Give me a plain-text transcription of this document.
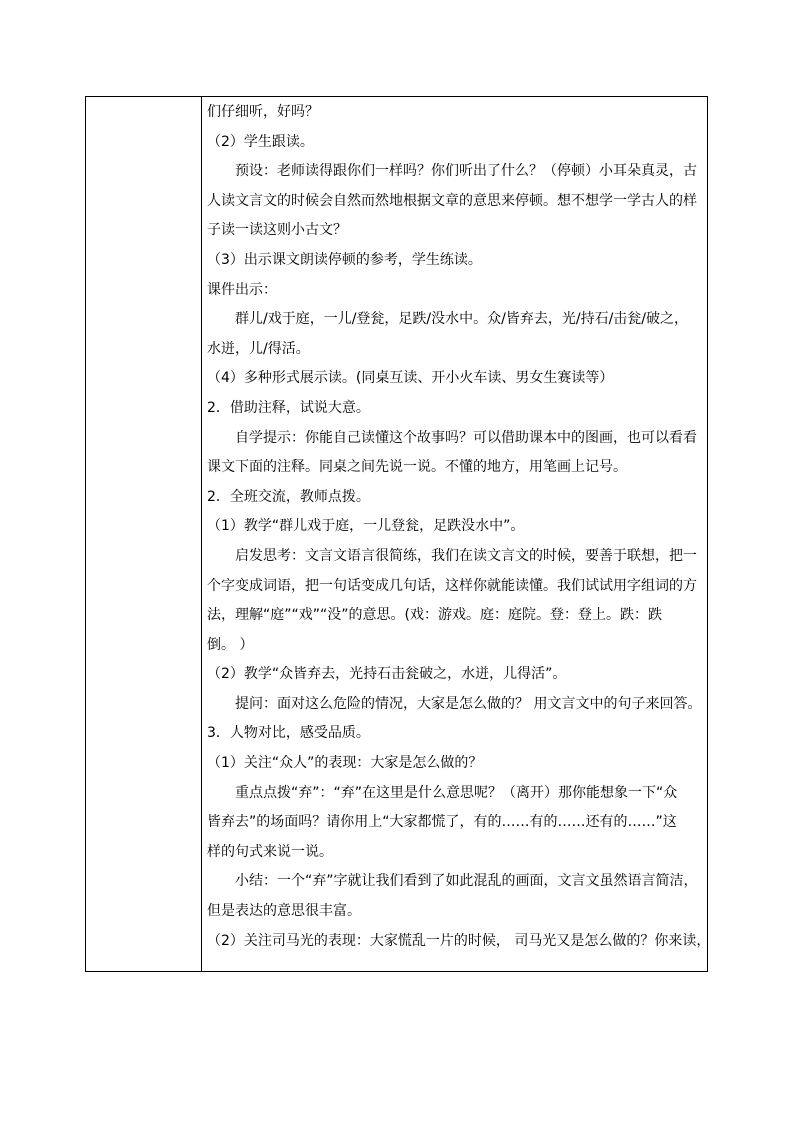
们仔细听，好吗？

（2）学生跟读。

预设：老师读得跟你们一样吗？你们听出了什么？（停顿）小耳朵真灵，古

人读文言文的时候会自然而然地根据文章的意思来停顿。想不想学一学古人的样

子读一读这则小古文？

（3）出示课文朗读停顿的参考，学生练读。

课件出示：

群儿/戏于庭，一儿/登瓮，足跌/没水中。众/皆弃去，光/持石/击瓮/破之，

水迸，儿/得活。

（4）多种形式展示读。(同桌互读、开小火车读、男女生赛读等）

2．借助注释，试说大意。

自学提示：你能自己读懂这个故事吗？可以借助课本中的图画，也可以看看

课文下面的注释。同桌之间先说一说。不懂的地方，用笔画上记号。

2．全班交流，教师点拨。

（1）教学“群儿戏于庭，一儿登瓮，足跌没水中”。

启发思考：文言文语言很简练，我们在读文言文的时候，要善于联想，把一

个字变成词语，把一句话变成几句话，这样你就能读懂。我们试试用字组词的方

法，理解“庭”“戏”“没”的意思。(戏：游戏。庭：庭院。登：登上。跌：跌

倒。 ）

（2）教学“众皆弃去，光持石击瓮破之，水迸，儿得活”。

提问：面对这么危险的情况，大家是怎么做的？ 用文言文中的句子来回答。

3．人物对比，感受品质。

（1）关注“众人”的表现：大家是怎么做的？

重点点拨“弃”：“弃”在这里是什么意思呢？（离开）那你能想象一下“众

皆弃去”的场面吗？请你用上“大家都慌了，有的……有的……还有的……”这

样的句式来说一说。

小结：一个“弃”字就让我们看到了如此混乱的画面，文言文虽然语言简洁，

但是表达的意思很丰富。

（2）关注司马光的表现：大家慌乱一片的时候， 司马光又是怎么做的？你来读，
